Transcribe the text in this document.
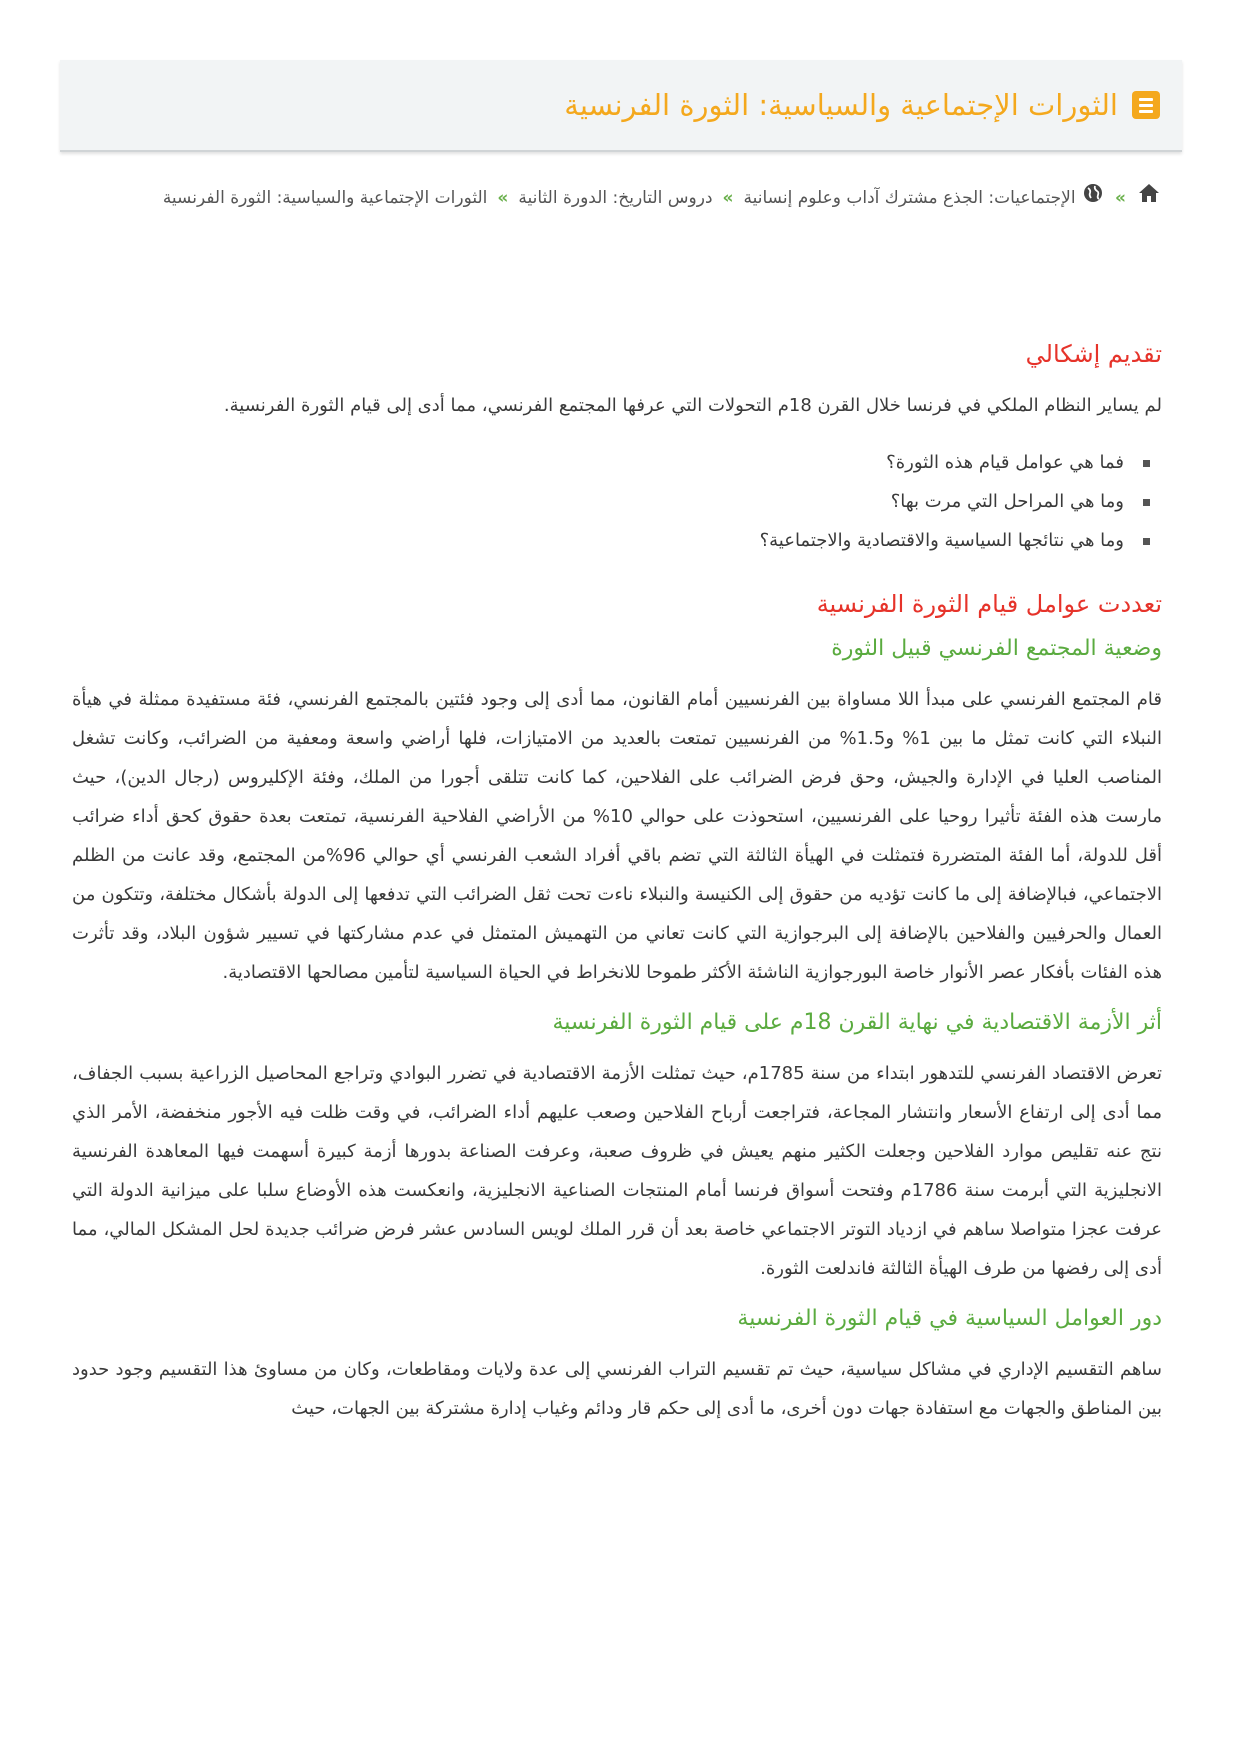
الثورات الإجتماعية والسياسية: الثورة الفرنسية
» الإجتماعيات: الجذع مشترك آداب وعلوم إنسانية»دروس التاريخ: الدورة الثانية»الثورات الإجتماعية والسياسية: الثورة الفرنسية
تقديم إشكالي

لم يساير النظام الملكي في فرنسا خلال القرن 18م التحولات التي عرفها المجتمع الفرنسي، مما أدى إلى قيام الثورة الفرنسية.

فما هي عوامل قيام هذه الثورة؟
وما هي المراحل التي مرت بها؟
وما هي نتائجها السياسية والاقتصادية والاجتماعية؟
تعددت عوامل قيام الثورة الفرنسية
وضعية المجتمع الفرنسي قبيل الثورة

قام المجتمع الفرنسي على مبدأ اللا مساواة بين الفرنسيين أمام القانون، مما أدى إلى وجود فئتين بالمجتمع الفرنسي، فئة مستفيدة ممثلة في هيأة النبلاء التي كانت تمثل ما بين 1% و1.5% من الفرنسيين تمتعت بالعديد من الامتيازات، فلها أراضي واسعة ومعفية من الضرائب، وكانت تشغل المناصب العليا في الإدارة والجيش، وحق فرض الضرائب على الفلاحين، كما كانت تتلقى أجورا من الملك، وفئة الإكليروس (رجال الدين)، حيث مارست هذه الفئة تأثيرا روحيا على الفرنسيين، استحوذت على حوالي 10% من الأراضي الفلاحية الفرنسية، تمتعت بعدة حقوق كحق أداء ضرائب أقل للدولة، أما الفئة المتضررة فتمثلت في الهيأة الثالثة التي تضم باقي أفراد الشعب الفرنسي أي حوالي 96%من المجتمع، وقد عانت من الظلم الاجتماعي، فبالإضافة إلى ما كانت تؤديه من حقوق إلى الكنيسة والنبلاء ناءت تحت ثقل الضرائب التي تدفعها إلى الدولة بأشكال مختلفة، وتتكون من العمال والحرفيين والفلاحين بالإضافة إلى البرجوازية التي كانت تعاني من التهميش المتمثل في عدم مشاركتها في تسيير شؤون البلاد، وقد تأثرت هذه الفئات بأفكار عصر الأنوار خاصة البورجوازية الناشئة الأكثر طموحا للانخراط في الحياة السياسية لتأمين مصالحها الاقتصادية.

أثر الأزمة الاقتصادية في نهاية القرن 18م على قيام الثورة الفرنسية

تعرض الاقتصاد الفرنسي للتدهور ابتداء من سنة 1785م، حيث تمثلت الأزمة الاقتصادية في تضرر البوادي وتراجع المحاصيل الزراعية بسبب الجفاف، مما أدى إلى ارتفاع الأسعار وانتشار المجاعة، فتراجعت أرباح الفلاحين وصعب عليهم أداء الضرائب، في وقت ظلت فيه الأجور منخفضة، الأمر الذي نتج عنه تقليص موارد الفلاحين وجعلت الكثير منهم يعيش في ظروف صعبة، وعرفت الصناعة بدورها أزمة كبيرة أسهمت فيها المعاهدة الفرنسية الانجليزية التي أبرمت سنة 1786م وفتحت أسواق فرنسا أمام المنتجات الصناعية الانجليزية، وانعكست هذه الأوضاع سلبا على ميزانية الدولة التي عرفت عجزا متواصلا ساهم في ازدياد التوتر الاجتماعي خاصة بعد أن قرر الملك لويس السادس عشر فرض ضرائب جديدة لحل المشكل المالي، مما أدى إلى رفضها من طرف الهيأة الثالثة فاندلعت الثورة.

دور العوامل السياسية في قيام الثورة الفرنسية

ساهم التقسيم الإداري في مشاكل سياسية، حيث تم تقسيم التراب الفرنسي إلى عدة ولايات ومقاطعات، وكان من مساوئ هذا التقسيم وجود حدود بين المناطق والجهات مع استفادة جهات دون أخرى، ما أدى إلى حكم قار ودائم وغياب إدارة مشتركة بين الجهات، حيث
